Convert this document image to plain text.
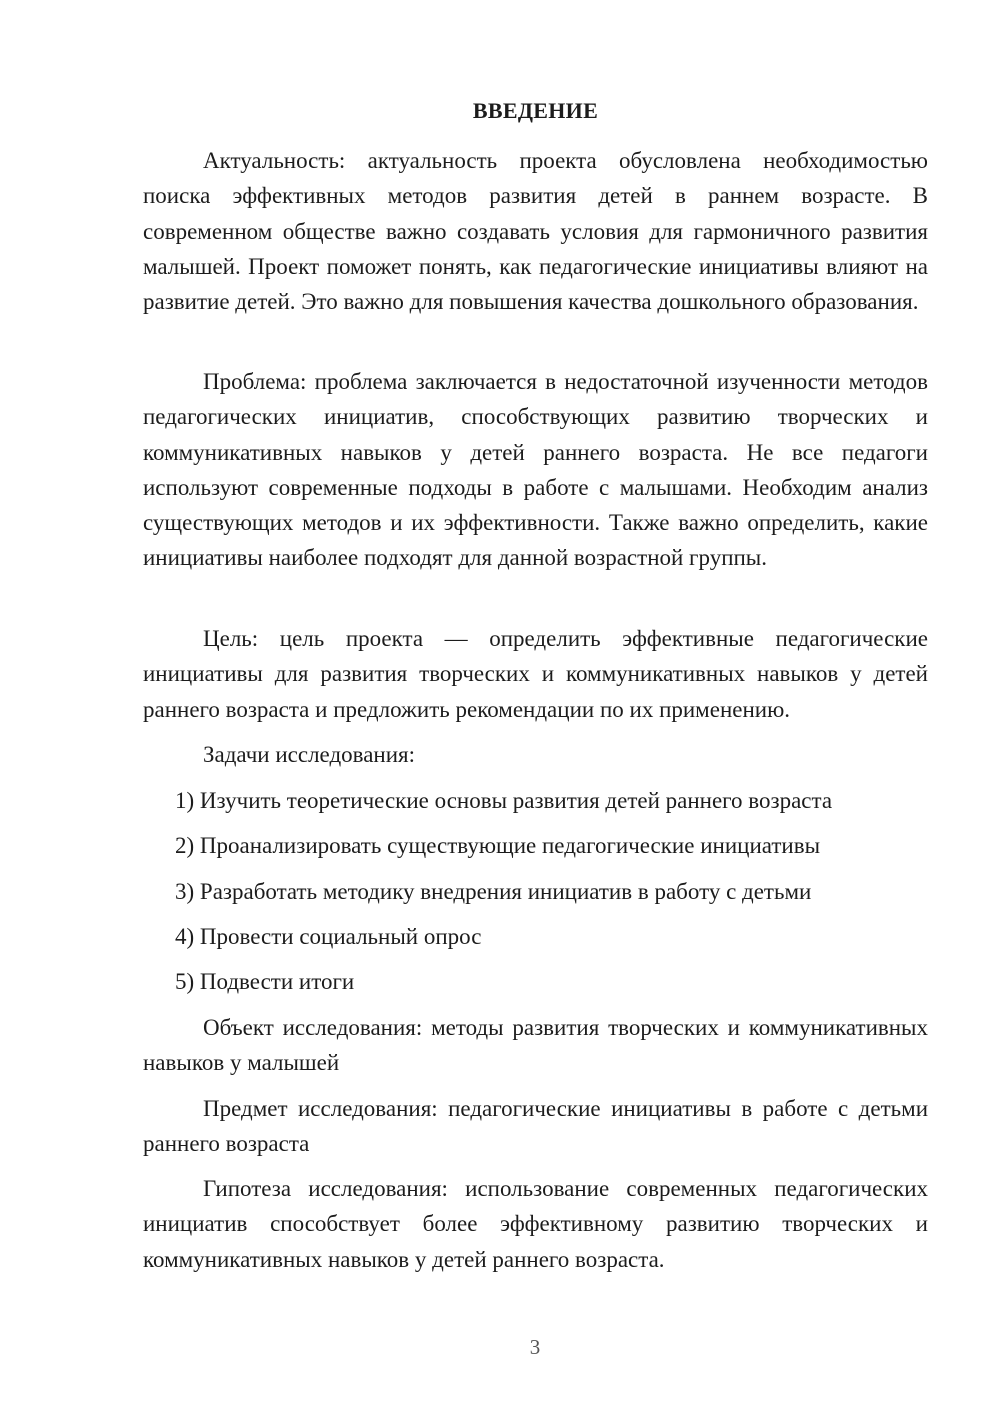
ВВЕДЕНИЕ

Актуальность: актуальность проекта обусловлена необходимостью поиска эффективных методов развития детей в раннем возрасте. В современном обществе важно создавать условия для гармоничного развития малышей. Проект поможет понять, как педагогические инициативы влияют на развитие детей. Это важно для повышения качества дошкольного образования.

Проблема: проблема заключается в недостаточной изученности методов педагогических инициатив, способствующих развитию творческих и коммуникативных навыков у детей раннего возраста. Не все педагоги используют современные подходы в работе с малышами. Необходим анализ существующих методов и их эффективности. Также важно определить, какие инициативы наиболее подходят для данной возрастной группы.

Цель: цель проекта — определить эффективные педагогические инициативы для развития творческих и коммуникативных навыков у детей раннего возраста и предложить рекомендации по их применению.

Задачи исследования:

1) Изучить теоретические основы развития детей раннего возраста

2) Проанализировать существующие педагогические инициативы

3) Разработать методику внедрения инициатив в работу с детьми

4) Провести социальный опрос

5) Подвести итоги

Объект исследования: методы развития творческих и коммуникативных навыков у малышей

Предмет исследования: педагогические инициативы в работе с детьми раннего возраста

Гипотеза исследования: использование современных педагогических инициатив способствует более эффективному развитию творческих и коммуникативных навыков у детей раннего возраста.

3
